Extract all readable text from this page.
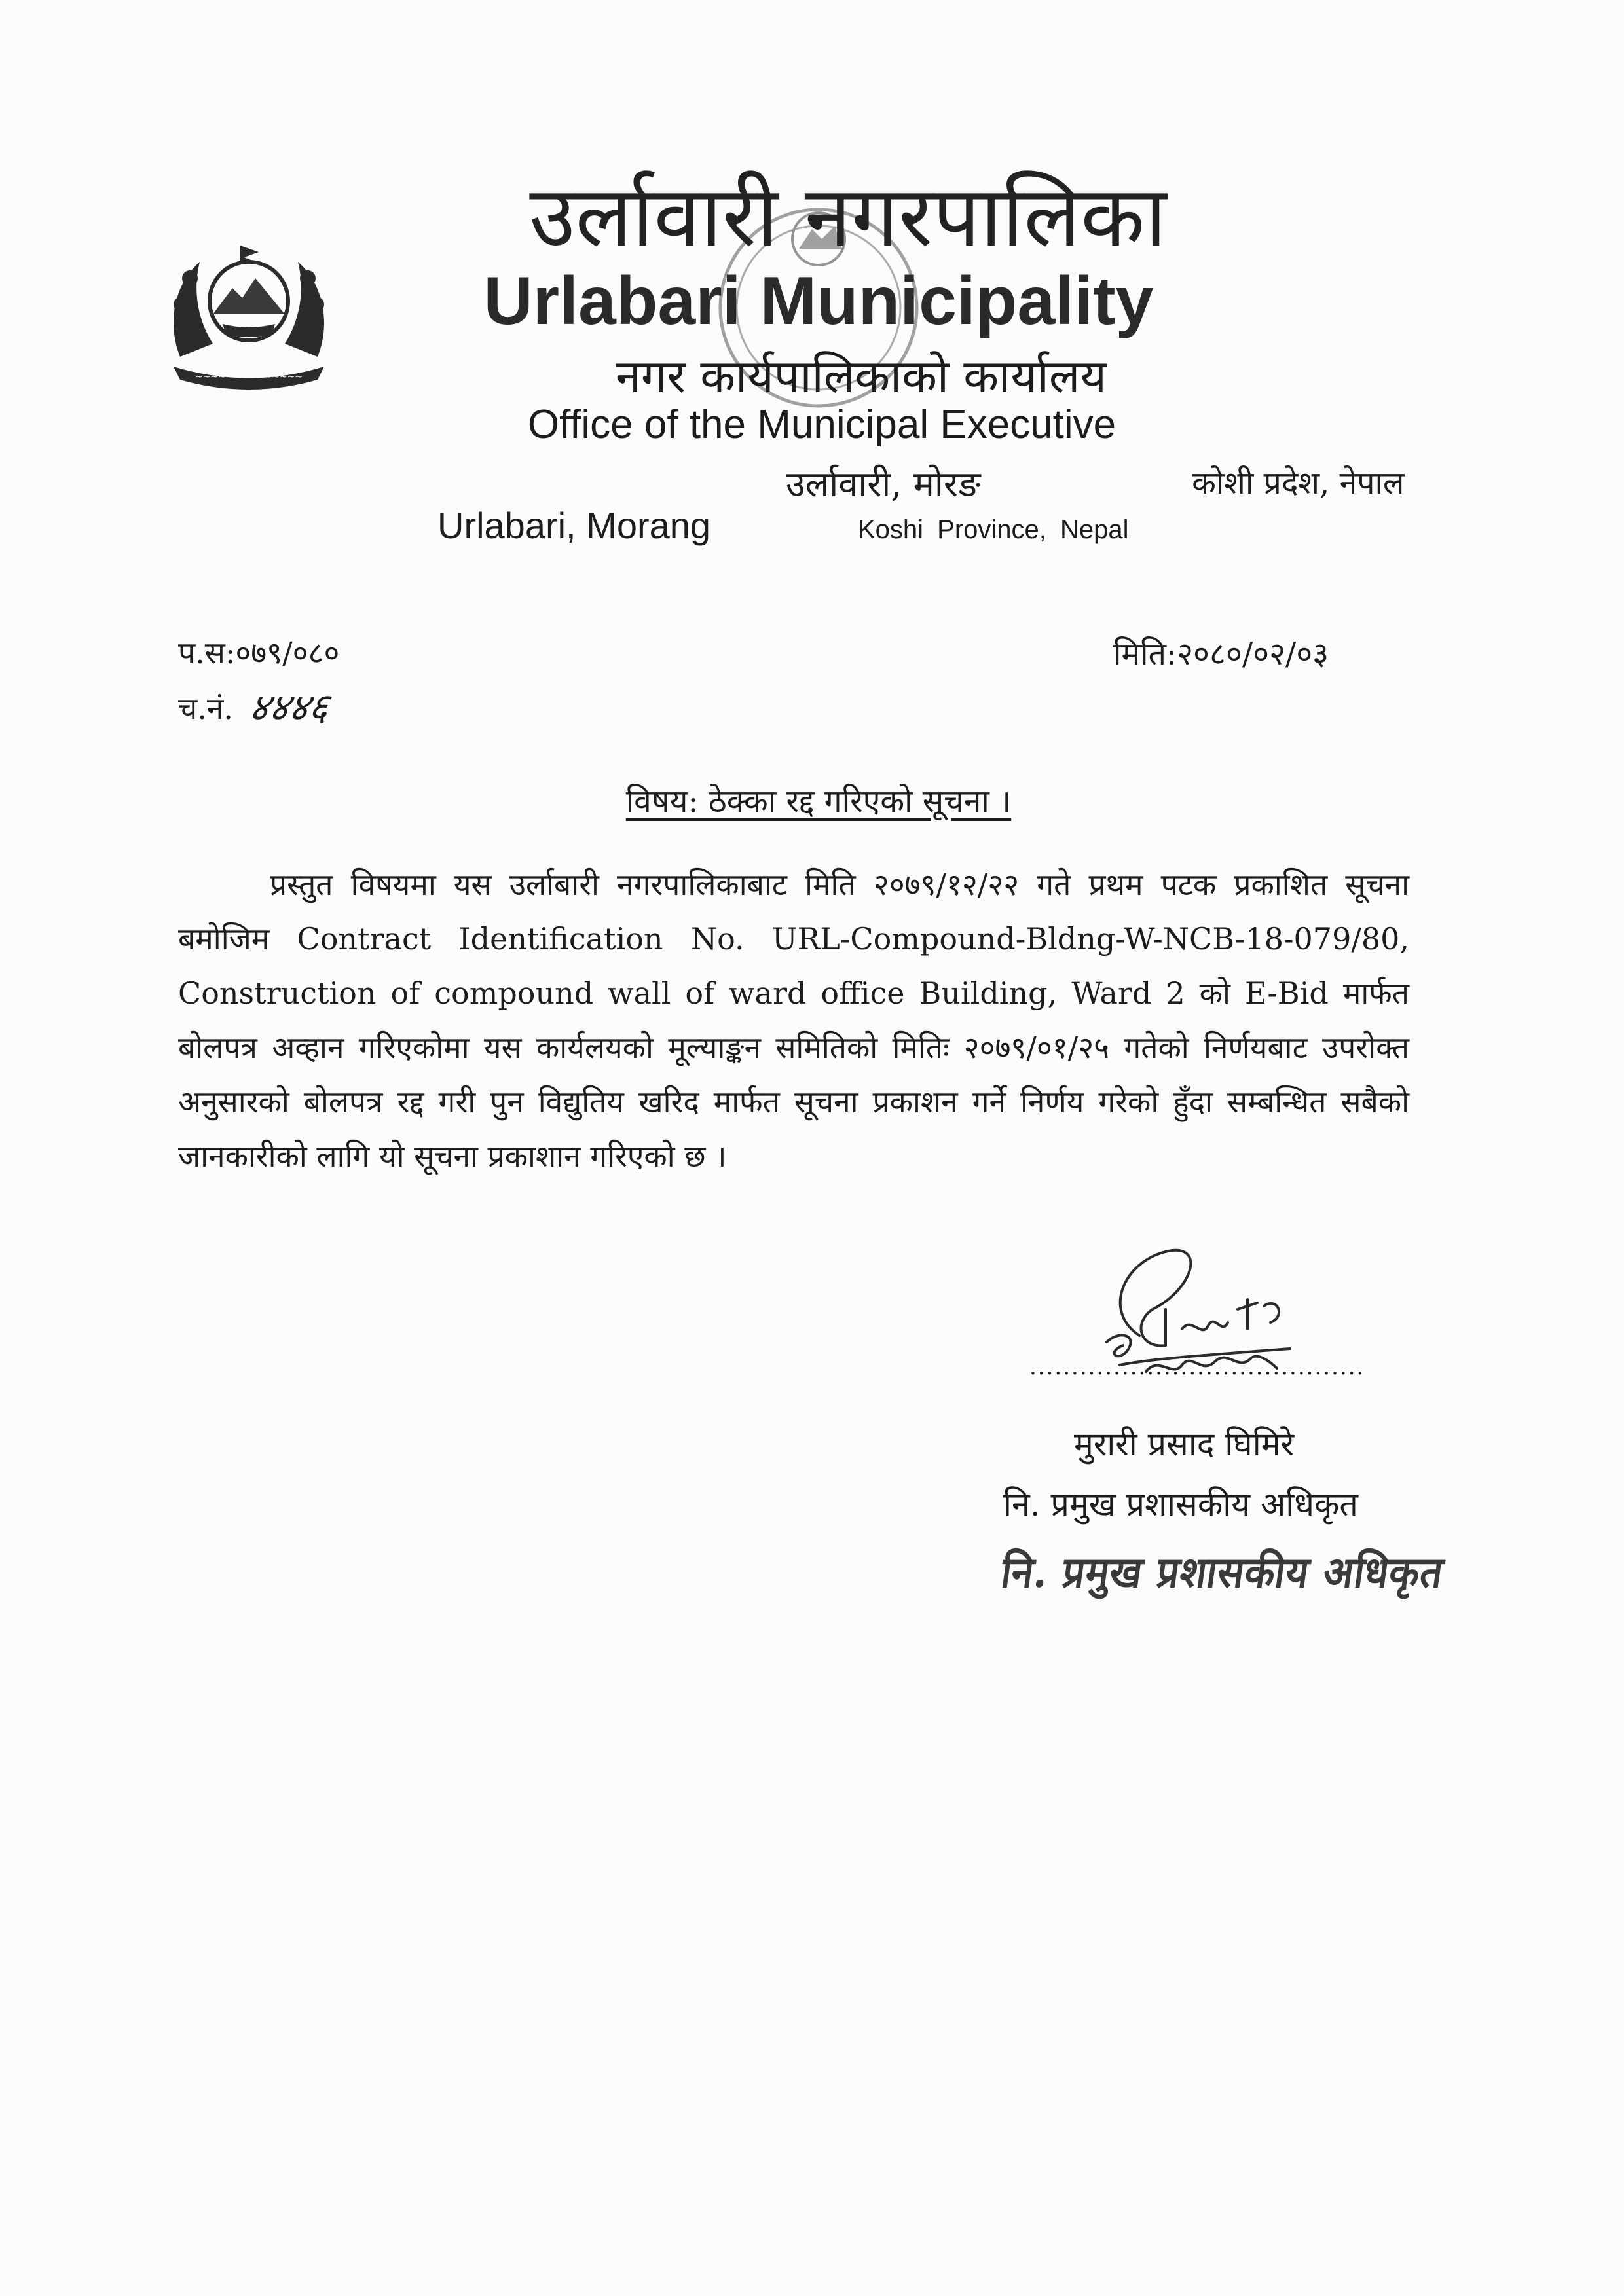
~~~~~~~~~~~~~~
उर्लावारी नगरपालिका
Urlabari Municipality
नगर कार्यपालिकाको कार्यालय
Office of the Municipal Executive
उर्लावारी, मोरङ	कोशी प्रदेश, नेपाल
Urlabari, Morang	Koshi Province, Nepal
प.स:०७९/०८०	मिति:२०८०/०२/०३
च.नं. ४४४६
विषय: ठेक्का रद्द गरिएको सूचना ।

प्रस्तुत विषयमा यस उर्लाबारी नगरपालिकाबाट मिति २०७९/१२/२२ गते प्रथम पटक प्रकाशित सूचना बमोजिम Contract Identification No. URL-Compound-Bldng-W-NCB-18-079/80, Construction of compound wall of ward office Building, Ward 2 को E-Bid मार्फत बोलपत्र अव्हान गरिएकोमा यस कार्यलयको मूल्याङ्कन समितिको मितिः २०७९/०१/२५ गतेको निर्णयबाट उपरोक्त अनुसारको बोलपत्र रद्द गरी पुन विद्युतिय खरिद मार्फत सूचना प्रकाशन गर्ने निर्णय गरेको हुँदा सम्बन्धित सबैको जानकारीको लागि यो सूचना प्रकाशान गरिएको छ ।

........................................
मुरारी प्रसाद घिमिरे
नि. प्रमुख प्रशासकीय अधिकृत
नि. प्रमुख प्रशासकीय अधिकृत
